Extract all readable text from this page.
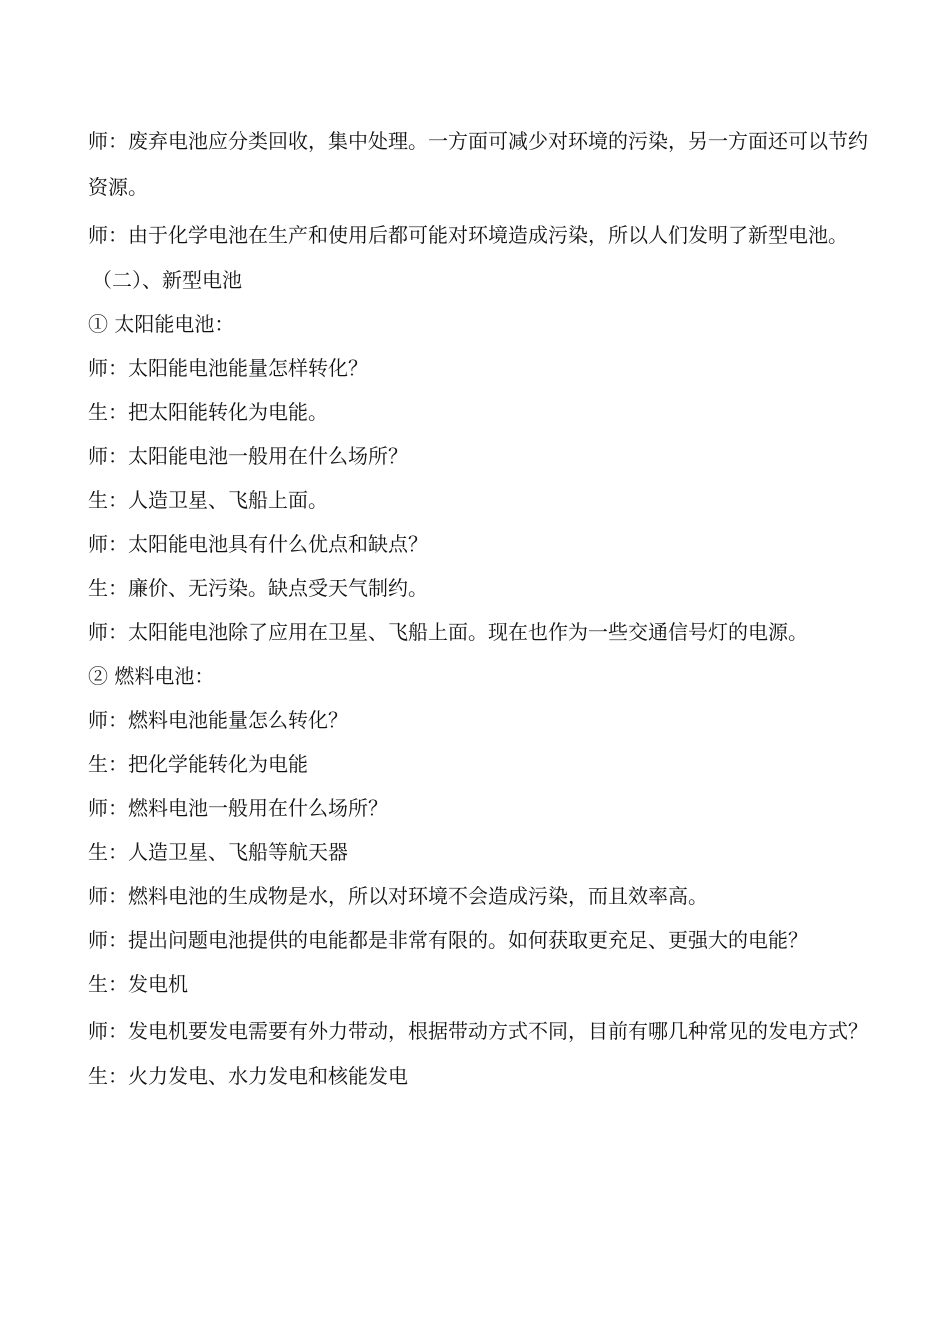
师：废弃电池应分类回收，集中处理。一方面可减少对环境的污染，另一方面还可以节约资源。
师：由于化学电池在生产和使用后都可能对环境造成污染，所以人们发明了新型电池。
（二）、新型电池
① 太阳能电池：
师：太阳能电池能量怎样转化？
生：把太阳能转化为电能。
师：太阳能电池一般用在什么场所？
生：人造卫星、飞船上面。
师：太阳能电池具有什么优点和缺点？
生：廉价、无污染。缺点受天气制约。
师：太阳能电池除了应用在卫星、飞船上面。现在也作为一些交通信号灯的电源。
② 燃料电池：
师：燃料电池能量怎么转化？
生：把化学能转化为电能
师：燃料电池一般用在什么场所？
生：人造卫星、飞船等航天器
师：燃料电池的生成物是水，所以对环境不会造成污染，而且效率高。
师：提出问题电池提供的电能都是非常有限的。如何获取更充足、更强大的电能？
生：发电机
师：发电机要发电需要有外力带动，根据带动方式不同，目前有哪几种常见的发电方式？
生：火力发电、水力发电和核能发电
